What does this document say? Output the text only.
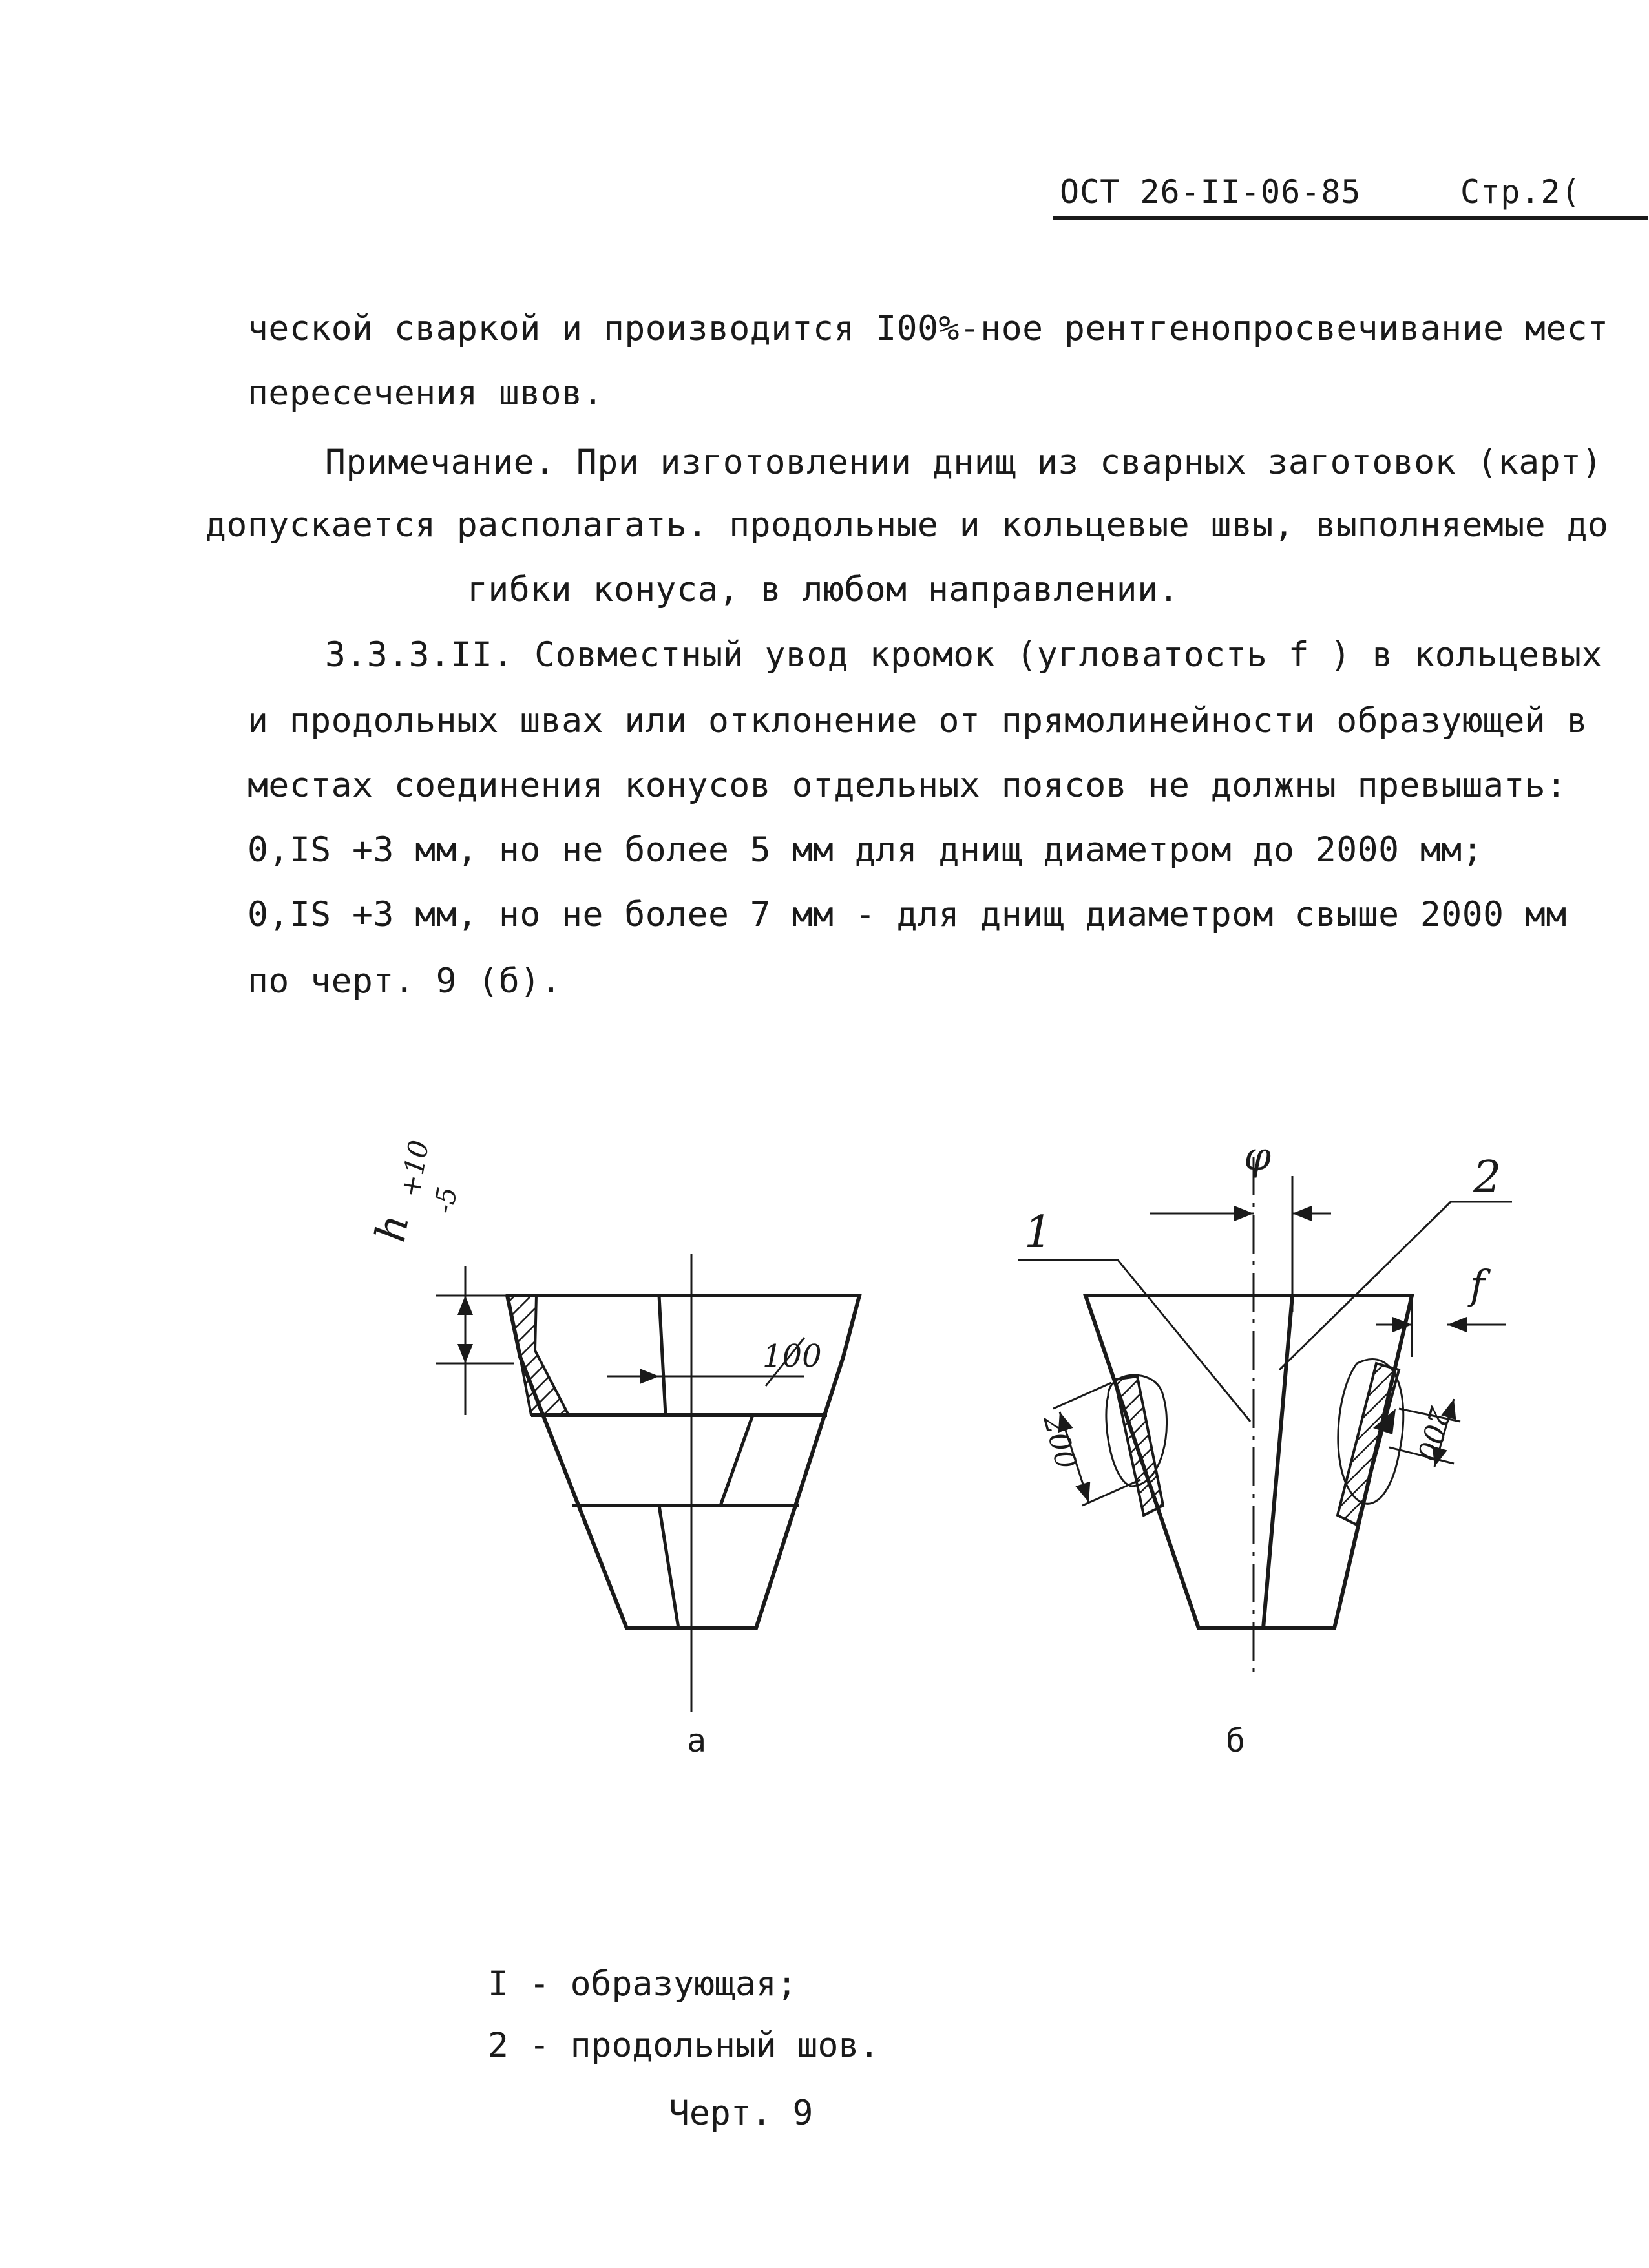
ОСТ 26-II-06-85	Стр.2(
ческой сваркой и производится I00%-ное рентгенопросвечивание мест
пересечения швов.
Примечание. При изготовлении днищ из сварных заготовок (карт)
допускается располагать. продольные и кольцевые швы, выполняемые до
гибки конуса, в любом направлении.
3.3.3.II. Совместный увод кромок (угловатость f ) в кольцевых
и продольных швах или отклонение от прямолинейности образующей в
местах соединения конусов отдельных поясов не должны превышать:
0,IS +3 мм, но не более 5 мм для днищ диаметром до 2000 мм;
0,IS +3 мм, но не более 7 мм - для днищ диаметром свыше 2000 мм
по черт. 9 (б).
h
+10
-5
100
φ	2
1
f
200	200
а	б
I - образующая;
2 - продольный шов.
Черт. 9
